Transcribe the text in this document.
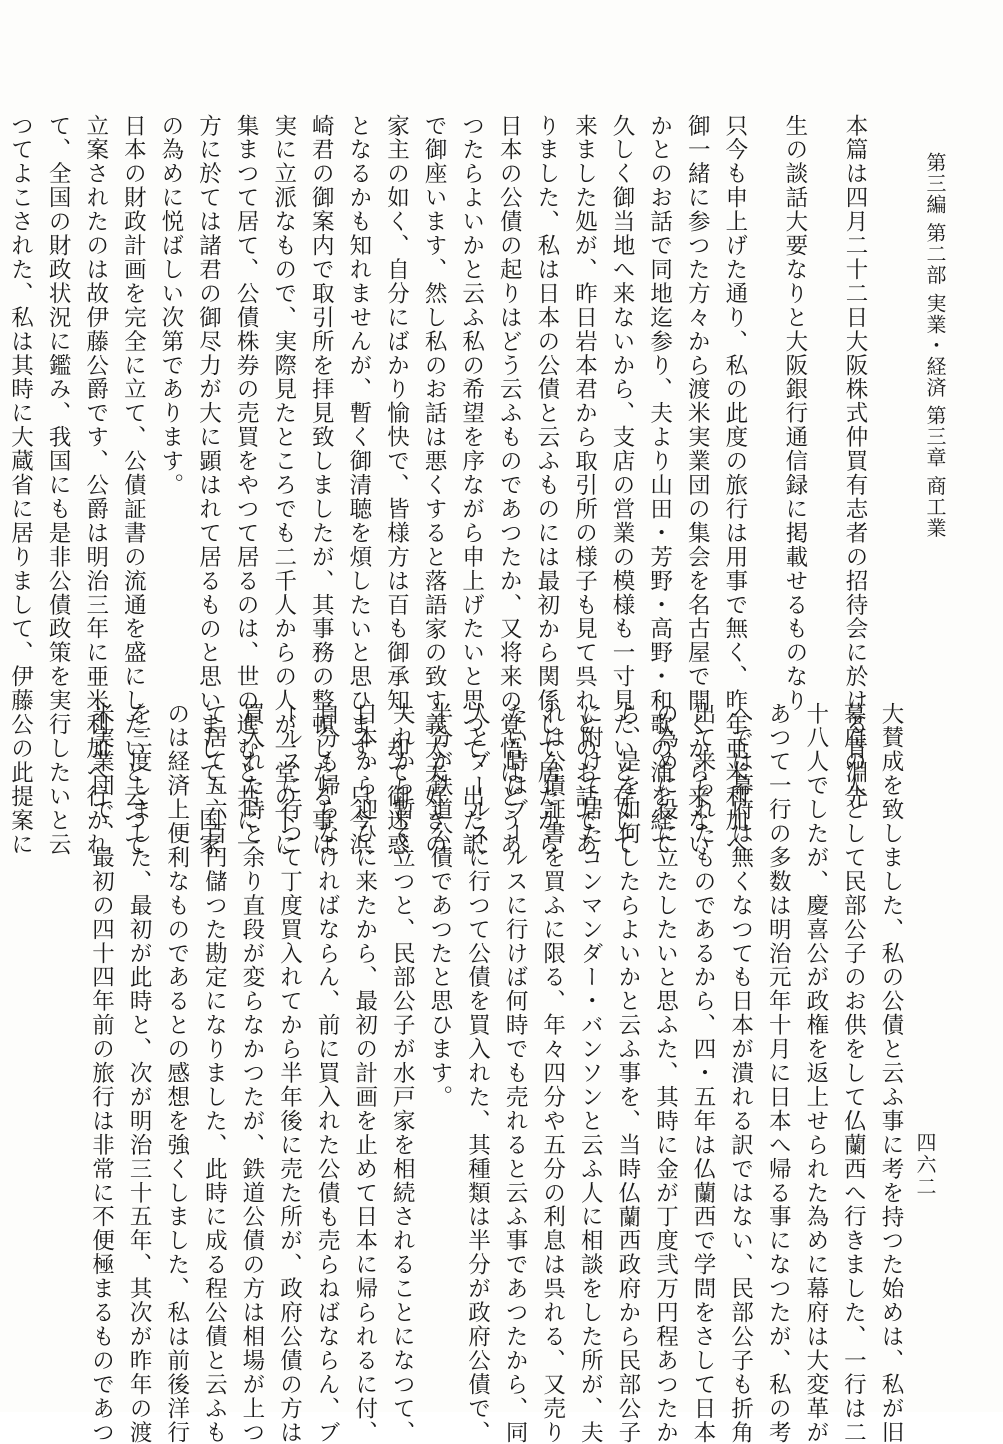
第三編 第二部 実業・経済 第三章 商工業
四六二
本篇は四月二十二日大阪株式仲買有志者の招待会に於ける青淵先
生の談話大要なりと大阪銀行通信録に掲載せるものなり
只今も申上げた通り、私の此度の旅行は用事で無く、昨年亜米利加へ
御一緒に参つた方々から渡米実業団の集会を名古屋で開くから来ない
かとのお話で同地迄参り、夫より山田・芳野・高野・和歌の浦を経て
久しく御当地へ来ないから、支店の営業の模様も一寸見たいと存じて
来ました処が、昨日岩本君から取引所の様子も見て呉れとのお話であ
りました、私は日本の公債と云ふものには最初から関係して居たから
日本の公債の起りはどう云ふものであつたか、又将来の覚悟はどうあ
つたらよいかと云ふ私の希望を序ながら申上げたいと思つて、出た訳
で御座います、然し私のお話は悪くすると落語家の致す義太夫好きの
家主の如く、自分にばかり愉快で、皆様方は百も御承知、却て御迷惑
となるかも知れませんが、暫く御清聴を煩したいと思ひます、只今浜
崎君の御案内で取引所を拝見致しましたが、其事務の整頓したる事は
実に立派なもので、実際見たところでも二千人からの人が一堂の下に
集まつて居て、公債株券の売買をやつて居るのは、世の進むと共に一
方に於ては諸君の御尽力が大に顕はれて居るものと思いまして、国家
の為めに悦ばしい次第であります。
日本の財政計画を完全に立て、公債証書の流通を盛にしたいと云つて
立案されたのは故伊藤公爵です、公爵は明治三年に亜米利加へ行かれ
て、全国の財政状況に鑑み、我国にも是非公債政策を実行したいと云
つてよこされた、私は其時に大蔵省に居りまして、伊藤公の此提案に
大賛成を致しました、私の公債と云ふ事に考を持つた始めは、私が旧
幕府の人として民部公子のお供をして仏蘭西へ行きました、一行は二
十八人でしたが、慶喜公が政権を返上せられた為めに幕府は大変革が
あつて一行の多数は明治元年十月に日本へ帰る事になつたが、私の考
へでは幕府は無くなつても日本が潰れる訳ではない、民部公子も折角
出て来られたものであるから、四・五年は仏蘭西で学問をさして日本
の為めに役に立たしたいと思ふた、其時に金が丁度弐万円程あつたか
ら、是を如何したらよいかと云ふ事を、当時仏蘭西政府から民部公子
に附けて居たコンマンダー・バンソンと云ふ人に相談をした所が、夫
れは公債証書を買ふに限る、年々四分や五分の利息は呉れる、又売り
たい時はブールスに行けば何時でも売れると云ふ事であつたから、同
人とブールスに行つて公債を買入れた、其種類は半分が政府公債で、
半分が鉄道公債であつたと思ひます。
夫れから暫く立つと、民部公子が水戸家を相続されることになつて、
日本から迎ひに来たから、最初の計画を止めて日本に帰られるに付、
自分も帰らなければならん、前に買入れた公債も売らねばならん、ブ
ールスに行つて丁度買入れてから半年後に売た所が、政府公債の方は
買入れた時と余り直段が変らなかつたが、鉄道公債の方は相場が上つ
て居て五六百円儲つた勘定になりました、此時に成る程公債と云ふも
のは経済上便利なものであるとの感想を強くしました、私は前後洋行
を三度しました、最初が此時と、次が明治三十五年、其次が昨年の渡
米実業団で、最初の四十四年前の旅行は非常に不便極まるものであつ
